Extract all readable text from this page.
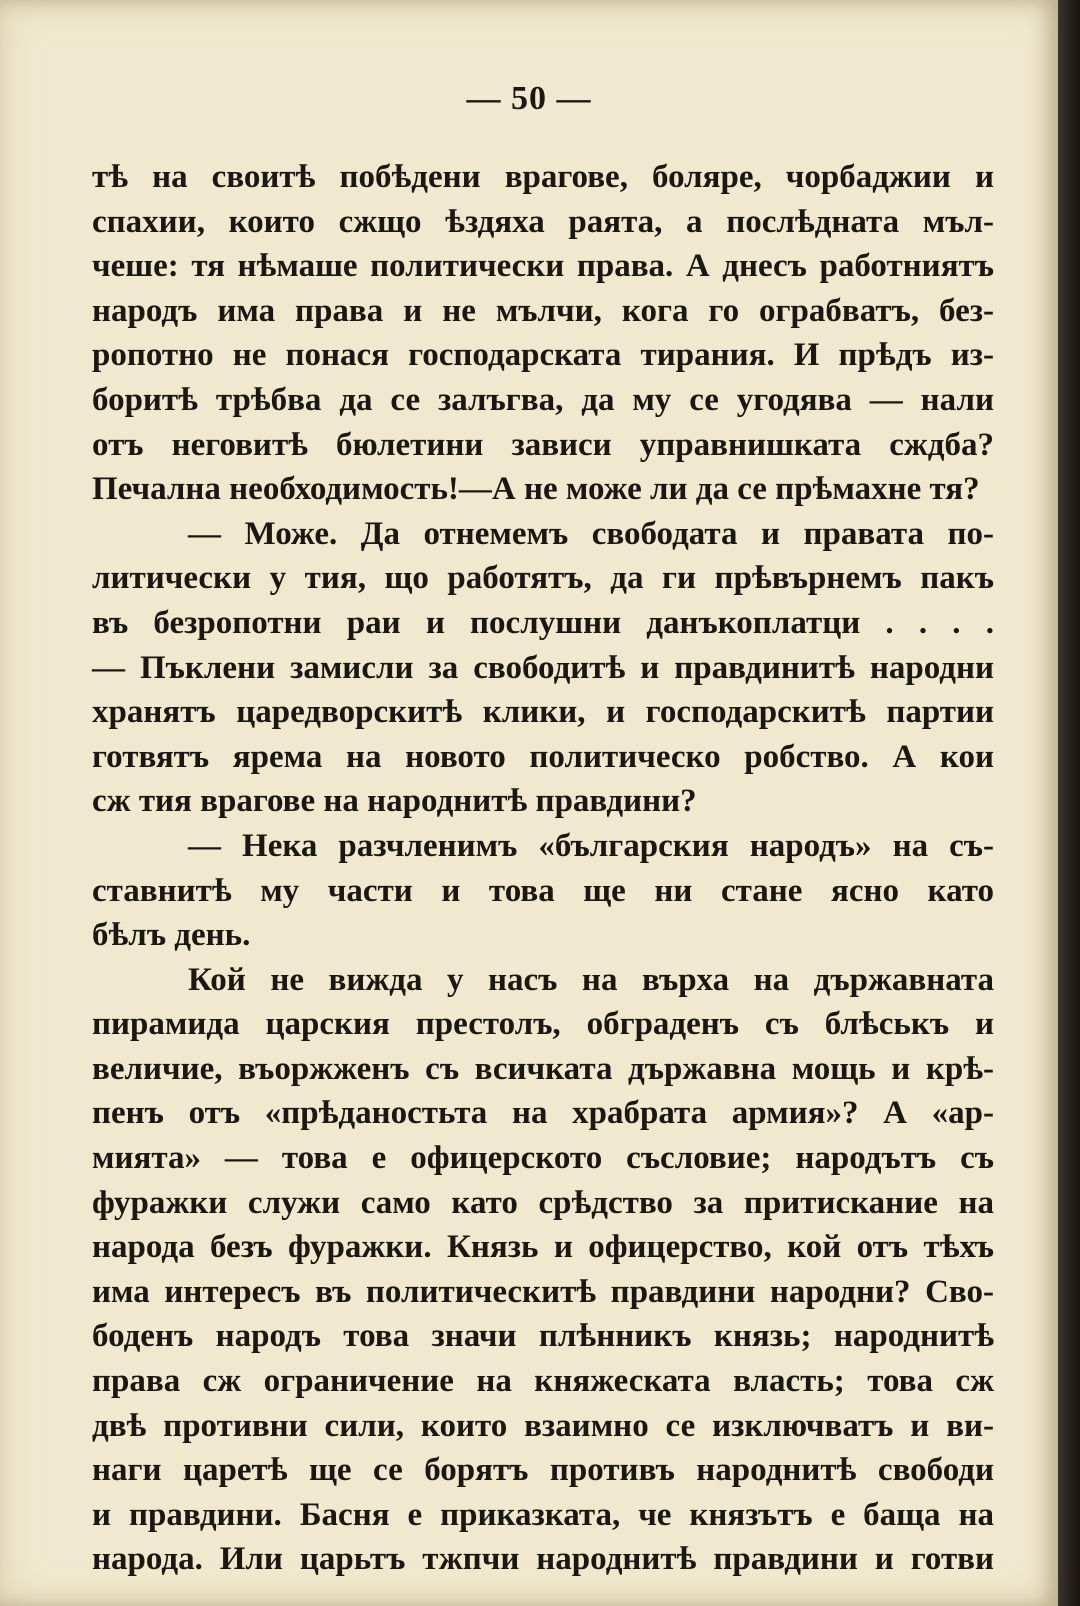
— 50 —
тѣ на своитѣ побѣдени врагове, боляре, чорбаджии и
спахии, които сжщо ѣздяха раята, а послѣдната мъл-
чеше: тя нѣмаше политически права. А днесъ работниятъ
народъ има права и не мълчи, кога го ограбватъ, без-
ропотно не понася господарската тирания. И прѣдъ из-
боритѣ трѣбва да се залъгва, да му се угодява — нали
отъ неговитѣ бюлетини зависи управнишката сждба?
Печална необходимость!—А не може ли да се прѣмахне тя?
— Може. Да отнемемъ свободата и правата по-
литически у тия, що работятъ, да ги прѣвърнемъ пакъ
въ безропотни раи и послушни данъкоплатци . . . .
— Пъклени замисли за свободитѣ и правдинитѣ народни
хранятъ царедворскитѣ клики, и господарскитѣ партии
готвятъ ярема на новото политическо робство. А кои
сж тия врагове на народнитѣ правдини?
— Нека разчленимъ «българския народъ» на съ-
ставнитѣ му части и това ще ни стане ясно като
бѣлъ день.
Кой не вижда у насъ на върха на държавната
пирамида царския престолъ, обграденъ съ блѣськъ и
величие, въоржженъ съ всичката държавна мощь и крѣ-
пенъ отъ «прѣданостьта на храбрата армия»? А «ар-
мията» — това е офицерското съсловие; народътъ съ
фуражки служи само като срѣдство за притискание на
народа безъ фуражки. Князь и офицерство, кой отъ тѣхъ
има интересъ въ политическитѣ правдини народни? Сво-
боденъ народъ това значи плѣнникъ князь; народнитѣ
права сж ограничение на княжеската власть; това сж
двѣ противни сили, които взаимно се изключватъ и ви-
наги царетѣ ще се борятъ противъ народнитѣ свободи
и правдини. Басня е приказката, че князътъ е баща на
народа. Или царьтъ тжпчи народнитѣ правдини и готви
